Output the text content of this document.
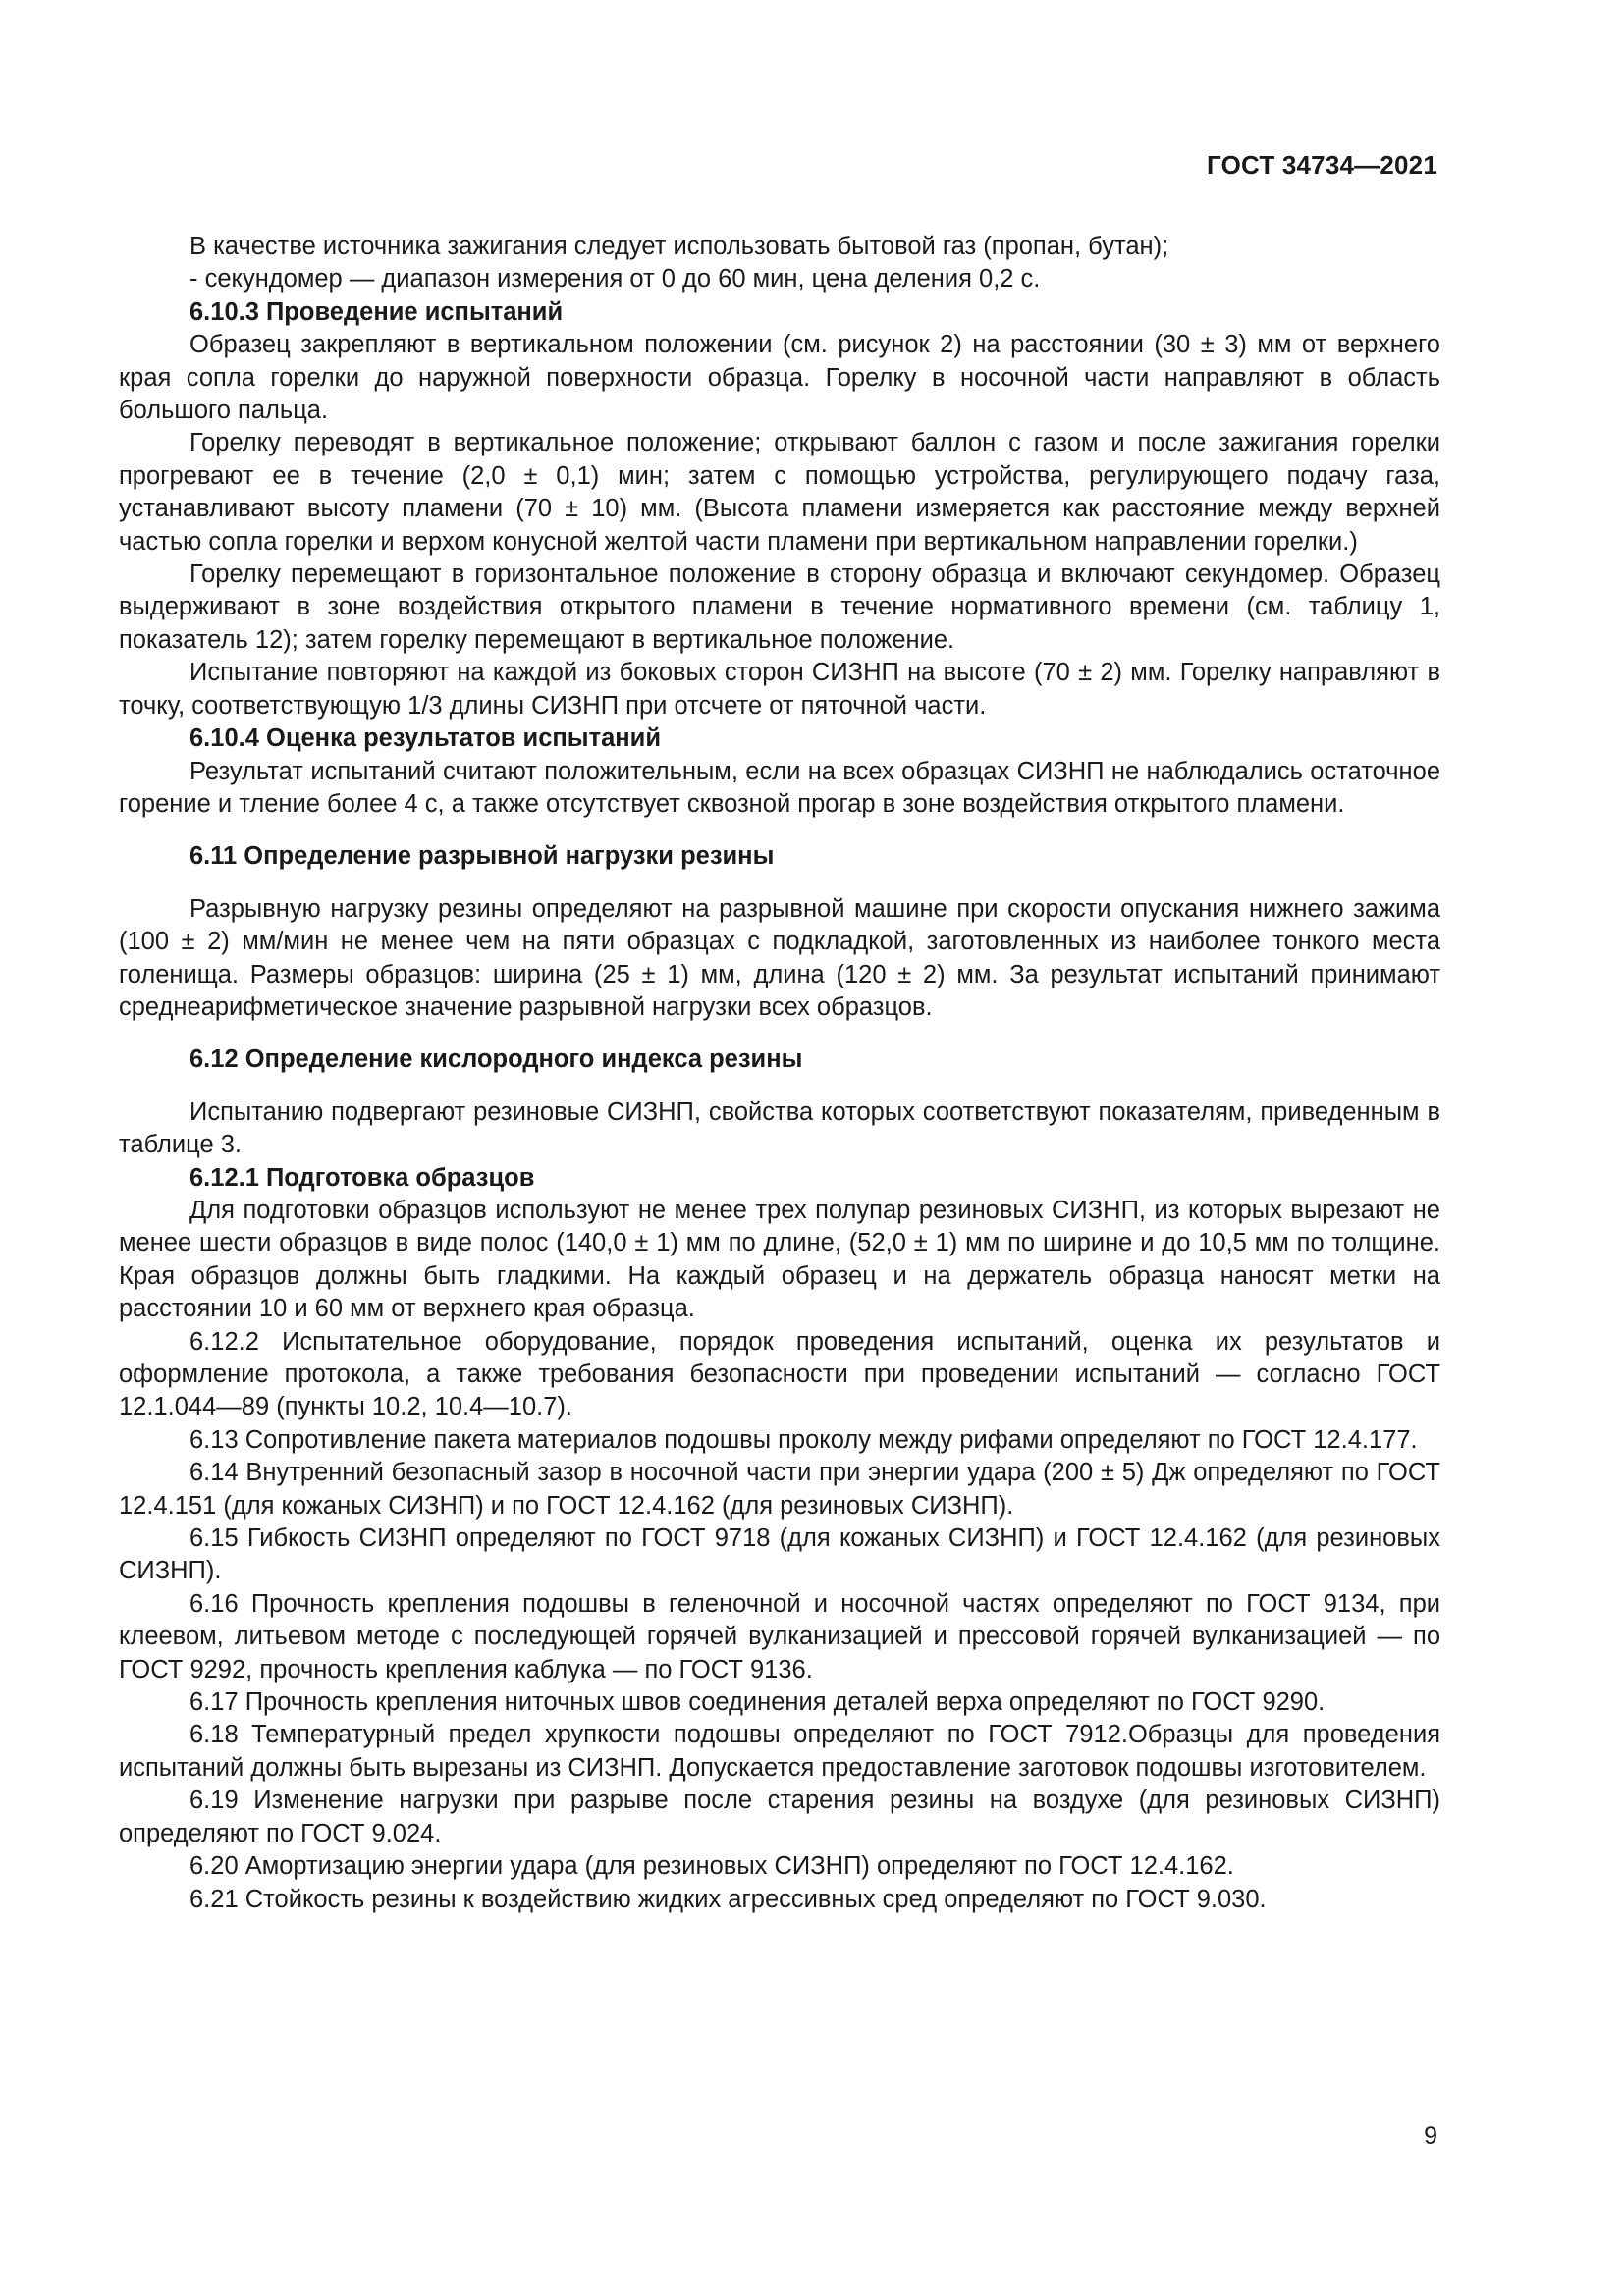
ГОСТ 34734—2021

В качестве источника зажигания следует использовать бытовой газ (пропан, бутан);

- секундомер — диапазон измерения от 0 до 60 мин, цена деления 0,2 с.

6.10.3 Проведение испытаний

Образец закрепляют в вертикальном положении (см. рисунок 2) на расстоянии (30 ± 3) мм от верхнего края сопла горелки до наружной поверхности образца. Горелку в носочной части направляют в область большого пальца.

Горелку переводят в вертикальное положение; открывают баллон с газом и после зажигания горелки прогревают ее в течение (2,0 ± 0,1) мин; затем с помощью устройства, регулирующего подачу газа, устанавливают высоту пламени (70 ± 10) мм. (Высота пламени измеряется как расстояние между верхней частью сопла горелки и верхом конусной желтой части пламени при вертикальном направлении горелки.)

Горелку перемещают в горизонтальное положение в сторону образца и включают секундомер. Образец выдерживают в зоне воздействия открытого пламени в течение нормативного времени (см. таблицу 1, показатель 12); затем горелку перемещают в вертикальное положение.

Испытание повторяют на каждой из боковых сторон СИЗНП на высоте (70 ± 2) мм. Горелку направляют в точку, соответствующую 1/3 длины СИЗНП при отсчете от пяточной части.

6.10.4 Оценка результатов испытаний

Результат испытаний считают положительным, если на всех образцах СИЗНП не наблюдались остаточное горение и тление более 4 с, а также отсутствует сквозной прогар в зоне воздействия открытого пламени.

6.11 Определение разрывной нагрузки резины

Разрывную нагрузку резины определяют на разрывной машине при скорости опускания нижнего зажима (100 ± 2) мм/мин не менее чем на пяти образцах с подкладкой, заготовленных из наиболее тонкого места голенища. Размеры образцов: ширина (25 ± 1) мм, длина (120 ± 2) мм. За результат испытаний принимают среднеарифметическое значение разрывной нагрузки всех образцов.

6.12 Определение кислородного индекса резины

Испытанию подвергают резиновые СИЗНП, свойства которых соответствуют показателям, приведенным в таблице 3.

6.12.1 Подготовка образцов

Для подготовки образцов используют не менее трех полупар резиновых СИЗНП, из которых вырезают не менее шести образцов в виде полос (140,0 ± 1) мм по длине, (52,0 ± 1) мм по ширине и до 10,5 мм по толщине. Края образцов должны быть гладкими. На каждый образец и на держатель образца наносят метки на расстоянии 10 и 60 мм от верхнего края образца.

6.12.2 Испытательное оборудование, порядок проведения испытаний, оценка их результатов и оформление протокола, а также требования безопасности при проведении испытаний — согласно ГОСТ 12.1.044—89 (пункты 10.2, 10.4—10.7).

6.13 Сопротивление пакета материалов подошвы проколу между рифами определяют по ГОСТ 12.4.177.

6.14 Внутренний безопасный зазор в носочной части при энергии удара (200 ± 5) Дж определяют по ГОСТ 12.4.151 (для кожаных СИЗНП) и по ГОСТ 12.4.162 (для резиновых СИЗНП).

6.15 Гибкость СИЗНП определяют по ГОСТ 9718 (для кожаных СИЗНП) и ГОСТ 12.4.162 (для резиновых СИЗНП).

6.16 Прочность крепления подошвы в геленочной и носочной частях определяют по ГОСТ 9134, при клеевом, литьевом методе с последующей горячей вулканизацией и прессовой горячей вулканизацией — по ГОСТ 9292, прочность крепления каблука — по ГОСТ 9136.

6.17 Прочность крепления ниточных швов соединения деталей верха определяют по ГОСТ 9290.

6.18 Температурный предел хрупкости подошвы определяют по ГОСТ 7912.Образцы для проведения испытаний должны быть вырезаны из СИЗНП. Допускается предоставление заготовок подошвы изготовителем.

6.19 Изменение нагрузки при разрыве после старения резины на воздухе (для резиновых СИЗНП) определяют по ГОСТ 9.024.

6.20 Амортизацию энергии удара (для резиновых СИЗНП) определяют по ГОСТ 12.4.162.

6.21 Стойкость резины к воздействию жидких агрессивных сред определяют по ГОСТ 9.030.

9
